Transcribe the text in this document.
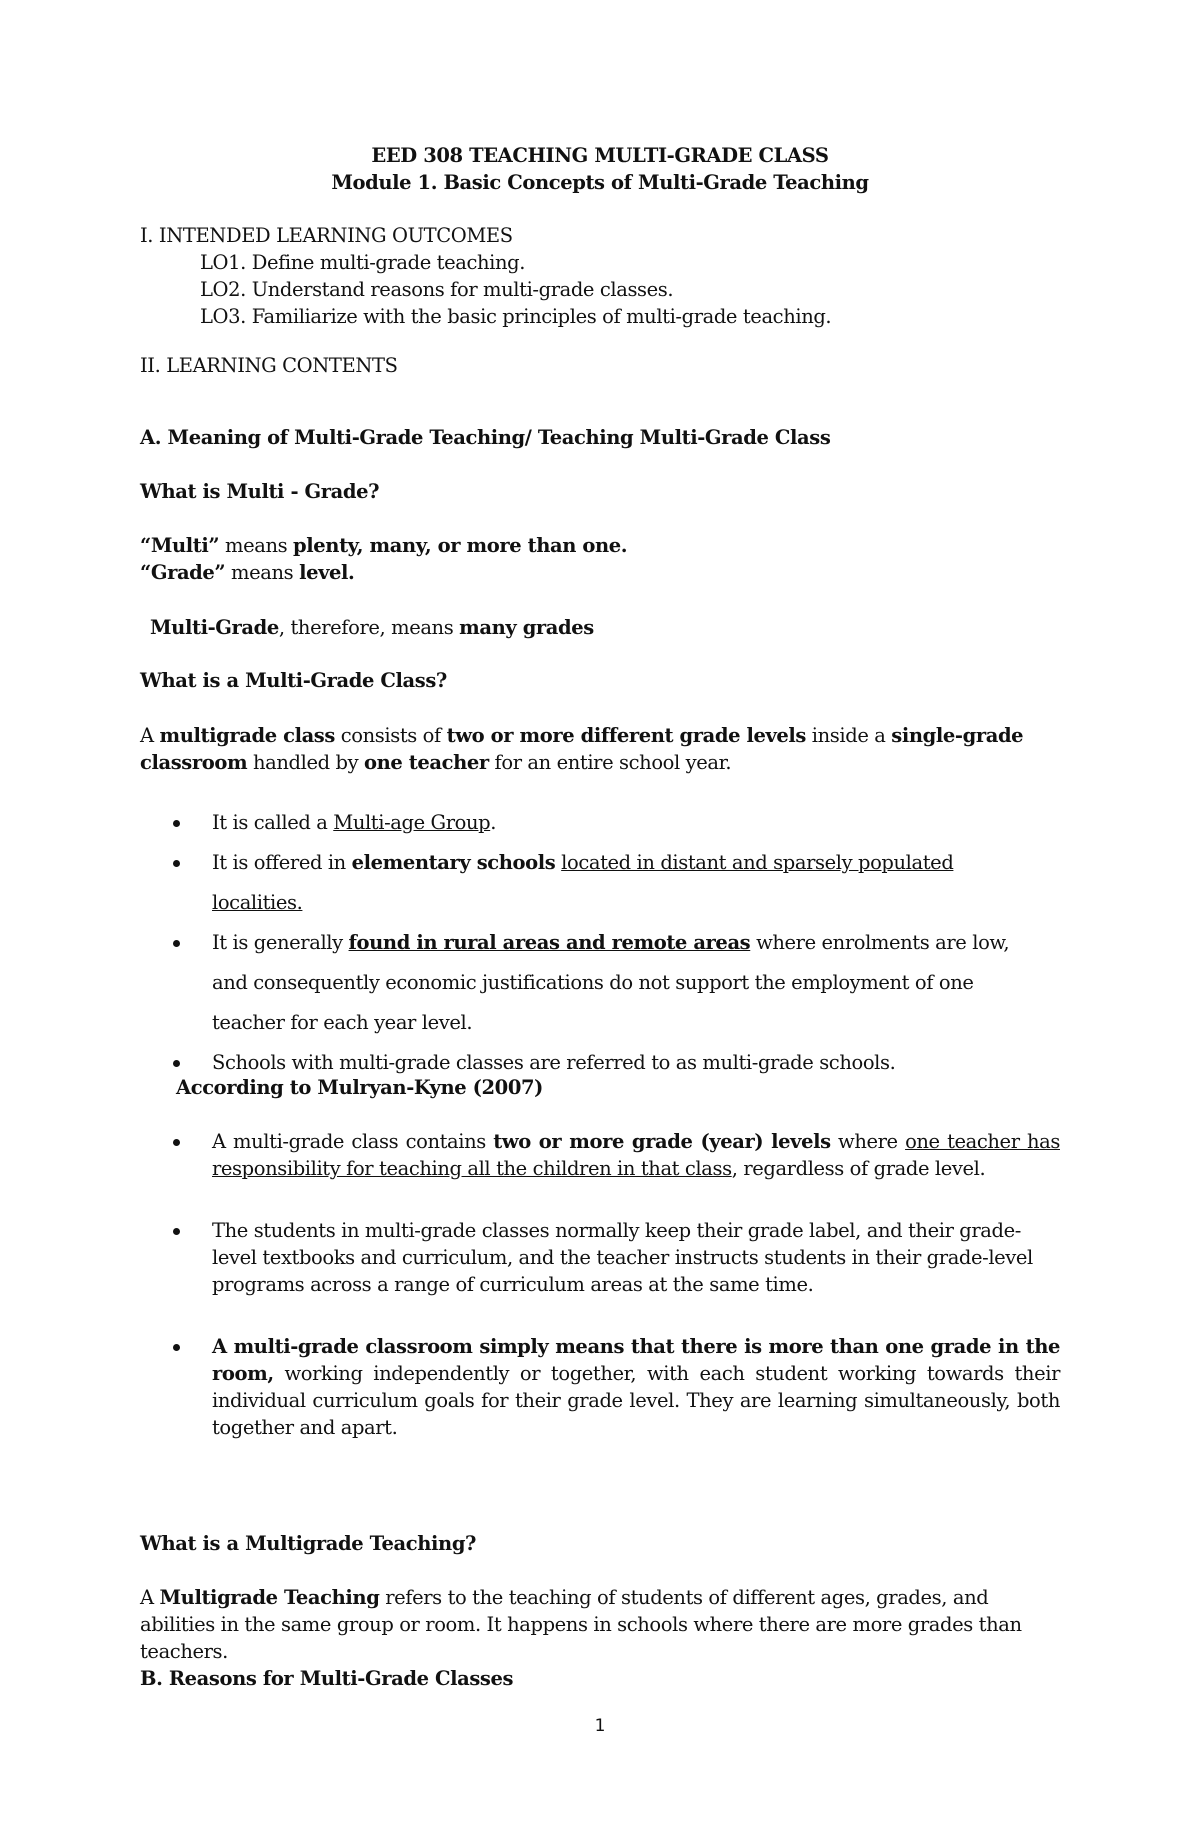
EED 308 TEACHING MULTI-GRADE CLASS
Module 1. Basic Concepts of Multi-Grade Teaching
I. INTENDED LEARNING OUTCOMES
LO1. Define multi-grade teaching.
LO2. Understand reasons for multi-grade classes.
LO3. Familiarize with the basic principles of multi-grade teaching.
II. LEARNING CONTENTS
A. Meaning of Multi-Grade Teaching/ Teaching Multi-Grade Class
What is Multi - Grade?
“Multi” means plenty, many, or more than one.
“Grade” means level.
Multi-Grade, therefore, means many grades
What is a Multi-Grade Class?
A multigrade class consists of two or more different grade levels inside a single-grade classroom handled by one teacher for an entire school year.
It is called a Multi-age Group.
It is offered in elementary schools located in distant and sparsely populated localities.
It is generally found in rural areas and remote areas where enrolments are low, and consequently economic justifications do not support the employment of one teacher for each year level.
Schools with multi-grade classes are referred to as multi-grade schools.
According to Mulryan-Kyne (2007)
A multi-grade class contains two or more grade (year) levels where one teacher has responsibility for teaching all the children in that class, regardless of grade level.
The students in multi-grade classes normally keep their grade label, and their grade-level textbooks and curriculum, and the teacher instructs students in their grade-level programs across a range of curriculum areas at the same time.
A multi-grade classroom simply means that there is more than one grade in the room, working independently or together, with each student working towards their individual curriculum goals for their grade level. They are learning simultaneously, both together and apart.
What is a Multigrade Teaching?
A Multigrade Teaching refers to the teaching of students of different ages, grades, and abilities in the same group or room. It happens in schools where there are more grades than teachers.
B. Reasons for Multi-Grade Classes
1
